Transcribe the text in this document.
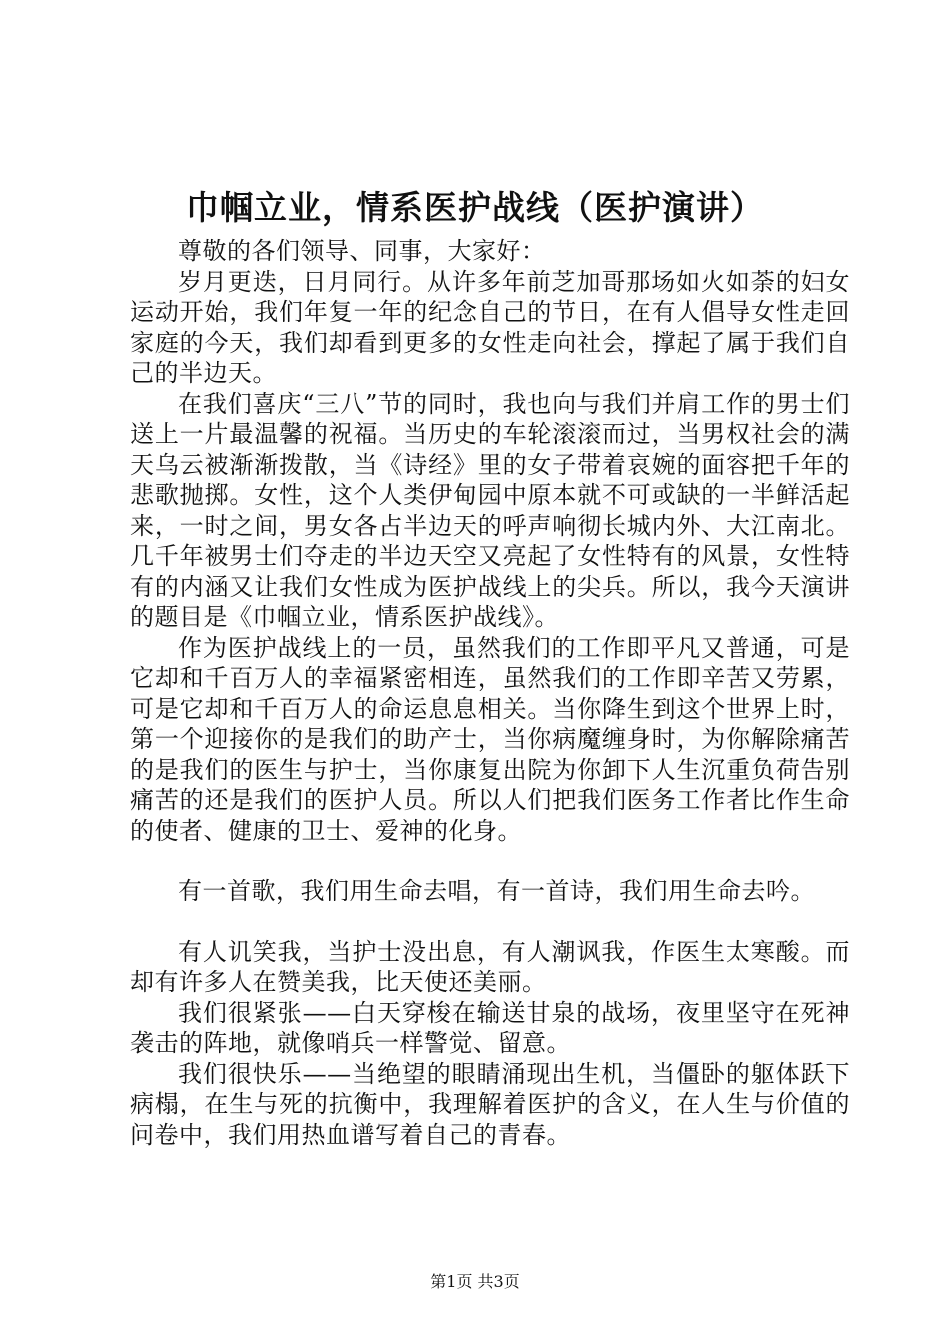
巾帼立业，情系医护战线（医护演讲）

尊敬的各们领导、同事，大家好：

岁月更迭，日月同行。从许多年前芝加哥那场如火如荼的妇女运动开始，我们年复一年的纪念自己的节日，在有人倡导女性走回家庭的今天，我们却看到更多的女性走向社会，撑起了属于我们自己的半边天。

在我们喜庆“三八”节的同时，我也向与我们并肩工作的男士们送上一片最温馨的祝福。当历史的车轮滚滚而过，当男权社会的满天乌云被渐渐拨散，当《诗经》里的女子带着哀婉的面容把千年的悲歌抛掷。女性，这个人类伊甸园中原本就不可或缺的一半鲜活起来，一时之间，男女各占半边天的呼声响彻长城内外、大江南北。几千年被男士们夺走的半边天空又亮起了女性特有的风景，女性特有的内涵又让我们女性成为医护战线上的尖兵。所以，我今天演讲的题目是《巾帼立业，情系医护战线》。

作为医护战线上的一员，虽然我们的工作即平凡又普通，可是它却和千百万人的幸福紧密相连，虽然我们的工作即辛苦又劳累，可是它却和千百万人的命运息息相关。当你降生到这个世界上时，第一个迎接你的是我们的助产士，当你病魔缠身时，为你解除痛苦的是我们的医生与护士，当你康复出院为你卸下人生沉重负荷告别痛苦的还是我们的医护人员。所以人们把我们医务工作者比作生命的使者、健康的卫士、爱神的化身。

有一首歌，我们用生命去唱，有一首诗，我们用生命去吟。

有人讥笑我，当护士没出息，有人潮讽我，作医生太寒酸。而却有许多人在赞美我，比天使还美丽。

我们很紧张——白天穿梭在输送甘泉的战场，夜里坚守在死神袭击的阵地，就像哨兵一样警觉、留意。

我们很快乐——当绝望的眼睛涌现出生机，当僵卧的躯体跃下病榻，在生与死的抗衡中，我理解着医护的含义，在人生与价值的问卷中，我们用热血谱写着自己的青春。

第1页 共3页
